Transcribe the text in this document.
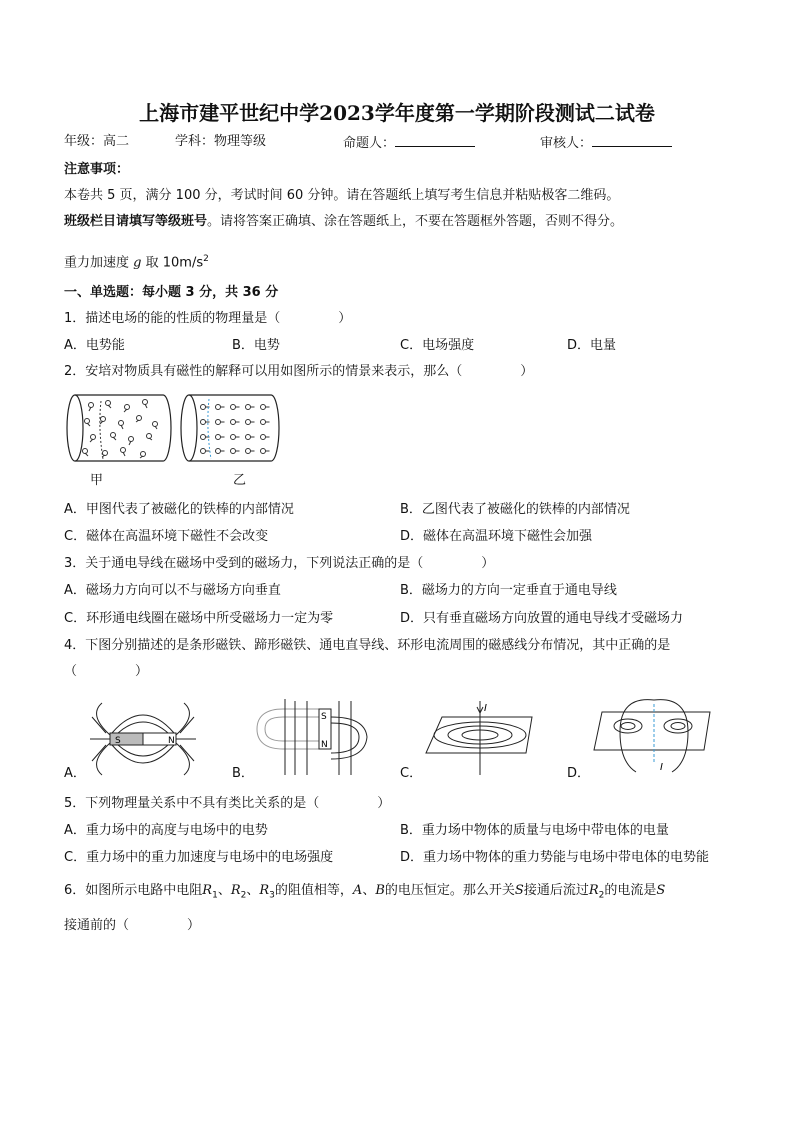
上海市建平世纪中学2023学年度第一学期阶段测试二试卷
年级：高二	学科：物理等级	命题人：	审核人：
注意事项：
本卷共 5 页，满分 100 分，考试时间 60 分钟。请在答题纸上填写考生信息并粘贴极客二维码。
班级栏目请填写等级班号。请将答案正确填、涂在答题纸上，不要在答题框外答题，否则不得分。
重力加速度 g 取 $10m/s^2$
一、单选题：每小题 3 分，共 36 分
1．描述电场的能的性质的物理量是（	）
A．电势能	B．电势	C．电场强度	D．电量
2．安培对物质具有磁性的解释可以用如图所示的情景来表示，那么（	）
甲	乙
A．甲图代表了被磁化的铁棒的内部情况	B．乙图代表了被磁化的铁棒的内部情况
C．磁体在高温环境下磁性不会改变	D．磁体在高温环境下磁性会加强
3．关于通电导线在磁场中受到的磁场力，下列说法正确的是（	）
A．磁场力方向可以不与磁场方向垂直	B．磁场力的方向一定垂直于通电导线
C．环形通电线圈在磁场中所受磁场力一定为零	D．只有垂直磁场方向放置的通电导线才受磁场力
4．下图分别描述的是条形磁铁、蹄形磁铁、通电直导线、环形电流周围的磁感线分布情况，其中正确的是
（	）
S	N
S
N
I
I
A．	B．	C．	D．
5．下列物理量关系中不具有类比关系的是（	）
A．重力场中的高度与电场中的电势	B．重力场中物体的质量与电场中带电体的电量
C．重力场中的重力加速度与电场中的电场强度	D．重力场中物体的重力势能与电场中带电体的电势能
6．如图所示电路中电阻$R_1$、$R_2$、$R_3$的阻值相等，A、B的电压恒定。那么开关S接通后流过$R_2$的电流是S
接通前的（	）
